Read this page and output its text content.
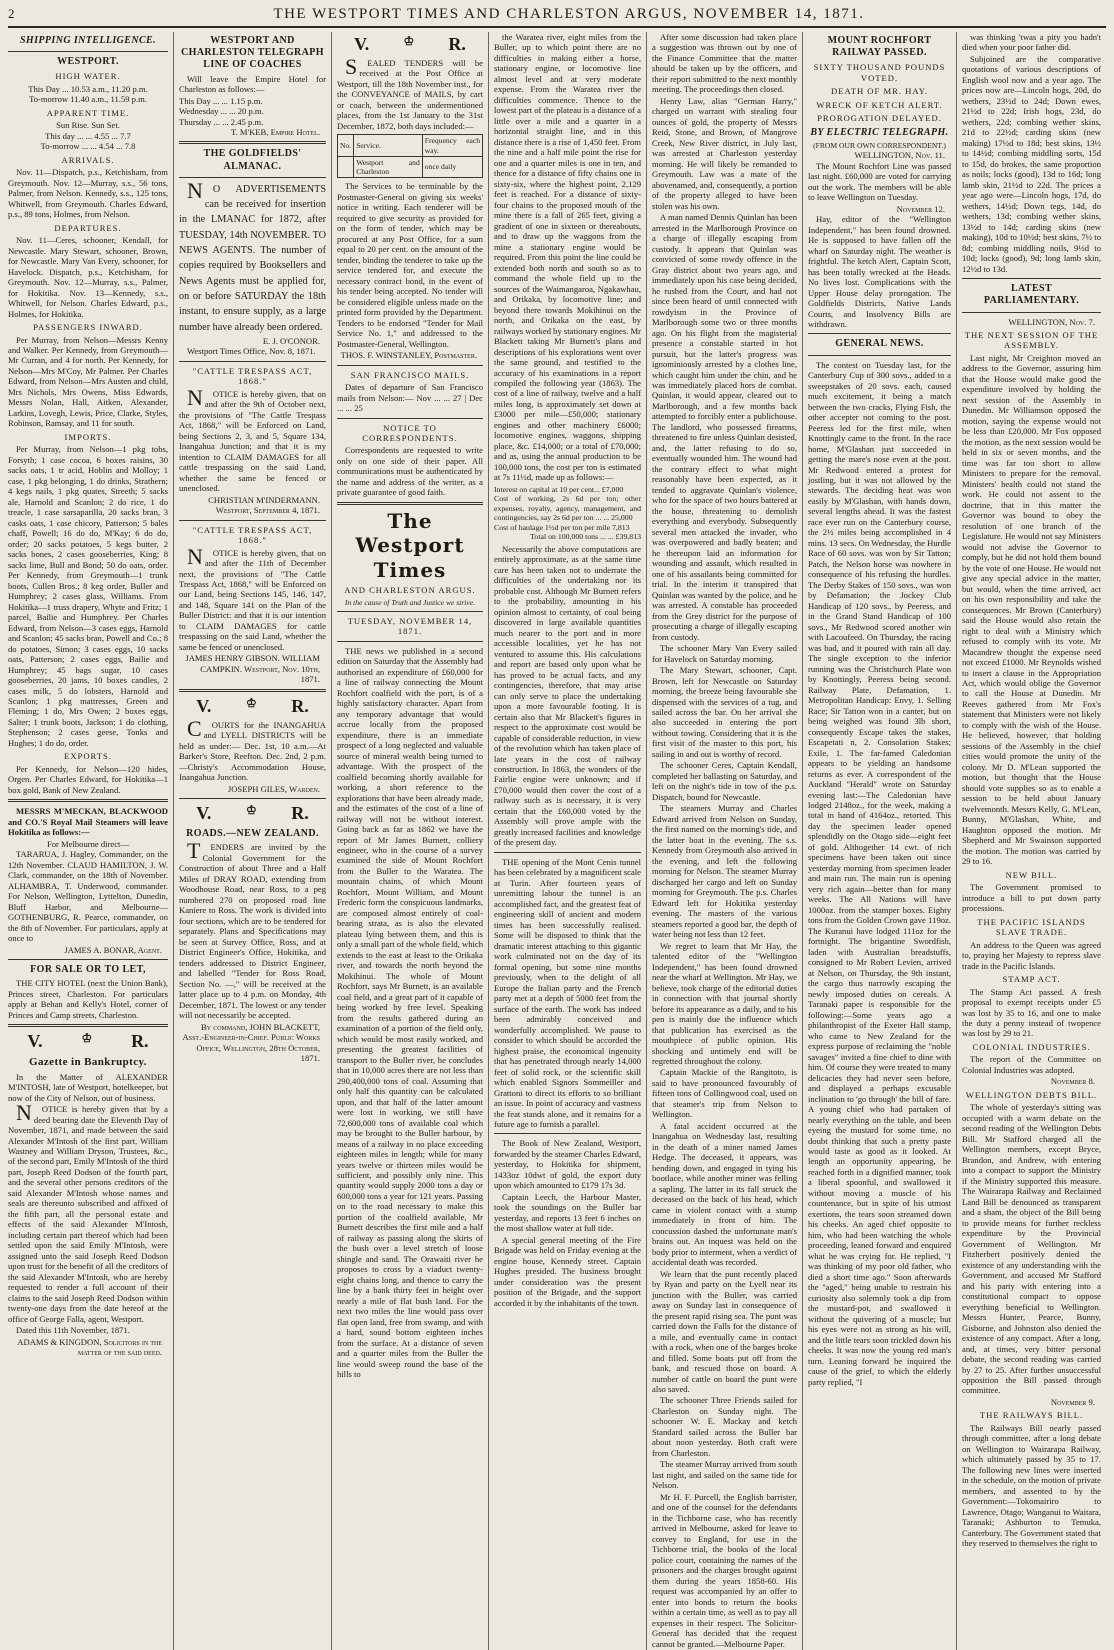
2	THE WESTPORT TIMES AND CHARLESTON ARGUS, NOVEMBER 14, 1871.
SHIPPING INTELLIGENCE.
WESTPORT.
HIGH WATER.
This Day ... 10.53 a.m., 11.20 p.m.
To-morrow 11.40 a.m., 11.59 p.m.
APPARENT TIME.
Sun Rise. Sun Set.
This day ... ... 4.55 ... 7.7
To-morrow ... ... 4.54 ... 7.8
ARRIVALS.
Nov. 11—Dispatch, p.s., Ketchisham, from Greymouth. Nov. 12—Murray, s.s., 56 tons, Palmer, from Nelson. Kennedy, s.s., 125 tons, Whitwell, from Greymouth. Charles Edward, p.s., 89 tons, Holmes, from Nelson.
DEPARTURES.
Nov. 11—Ceres, schooner, Kendall, for Newcastle. Mary Stewart, schooner, Brown, for Newcastle. Mary Van Every, schooner, for Havelock. Dispatch, p.s., Ketchisham, for Greymouth. Nov. 12—Murray, s.s., Palmer, for Hokitika. Nov. 13—Kennedy, s.s., Whitwell, for Nelson. Charles Edward, p.s., Holmes, for Hokitika.
PASSENGERS INWARD.
Per Murray, from Nelson—Messrs Kenny and Walker. Per Kennedy, from Greymouth—Mr Curran, and 4 for north. Per Kennedy, for Nelson—Mrs M'Coy, Mr Palmer. Per Charles Edward, from Nelson—Mrs Austen and child, Mrs Nichols, Mrs Owens, Miss Edwards, Messrs Nolan, Hall, Aitken, Alexander, Larkins, Lovegh, Lewis, Price, Clarke, Styles, Robinson, Ramsay, and 11 for south.
IMPORTS.
Per Murray, from Nelson—1 pkg tobs, Forsyth; 1 case cocoa, 6 boxes raisins, 30 sacks oats, 1 tr acid, Hoblin and Molloy; 1 case, 1 pkg belonging, 1 do drinks, Strathern; 4 kegs nails, 1 pkg quates, Streeth; 5 sacks ale, Harnold and Scanlon; 2 do rice, 1 do treacle, 1 case sarsaparilla, 20 sacks bran, 3 casks oats, 1 case chicory, Patterson; 5 bales chaff, Powell; 16 do do, M'Kay; 6 do do, order; 20 sacks potatoes, 5 kegs butter, 2 sacks bones, 2 cases gooseberries, King; 8 sacks lime, Bull and Bond; 50 do oats, order. Per Kennedy, from Greymouth—1 trunk boots, Cullen Bros.; 8 keg order, Buller and Humphrey; 2 cases glass, Williams. From Hokitika—1 truss drapery, Whyte and Fritz; 1 parcel, Bailie and Humphrey. Per Charles Edward, from Nelson—3 cases eggs, Harnold and Scanlon; 45 sacks bran, Powell and Co.; 8 do potatoes, Simon; 3 cases eggs, 10 sacks oats, Patterson; 2 cases eggs, Bailie and Humphrey; 45 bags sugar, 10 cases gooseberries, 20 jams, 10 boxes candles, 2 cases milk, 5 do lobsters, Harnold and Scanlon; 1 pkg mattresses, Green and Fleming; 1 do, Mrs Owen; 2 boxes eggs, Salter; 1 trunk boots, Jackson; 1 do clothing, Stephenson; 2 cases geese, Tonks and Hughes; 1 do do, order.
EXPORTS.
Per Kennedy, for Nelson—120 hides, Orgen. Per Charles Edward, for Hokitika—1 box gold, Bank of New Zealand.
MESSRS M'MECKAN, BLACKWOOD and CO.'S Royal Mail Steamers will leave Hokitika as follows:—
For Melbourne direct—
TARARUA, J. Hagley, Commander, on the 12th November. CLAUD HAMILTON, J. W. Clark, commander, on the 18th of November. ALHAMBRA, T. Underwood, commander. For Nelson, Wellington, Lyttelton, Dunedin, Bluff Harbor, and Melbourne— GOTHENBURG, R. Pearce, commander, on the 8th of November. For particulars, apply at once to
JAMES A. BONAR, Agent.
FOR SALE OR TO LET,
THE CITY HOTEL (next the Union Bank), Princes street, Charleston. For particulars apply at Behan and Kelly's Hotel, corner of Princes and Camp streets, Charleston.
V.	♔ R.
Gazette in Bankruptcy.
In the Matter of ALEXANDER M'INTOSH, late of Westport, hotelkeeper, but now of the City of Nelson, out of business.
NOTICE is hereby given that by a deed bearing date the Eleventh Day of November, 1871, and made between the said Alexander M'Intosh of the first part, William Wastney and William Dryson, Trustees, &c., of the second part, Emily M'Intosh of the third part, Joseph Reed Dodson of the fourth part, and the several other persons creditors of the said Alexander M'Intosh whose names and seals are thereunto subscribed and affixed of the fifth part, all the personal estate and effects of the said Alexander M'Intosh, including certain part thereof which had been settled upon the said Emily M'Intosh, were assigned unto the said Joseph Reed Dodson upon trust for the benefit of all the creditors of the said Alexander M'Intosh, who are hereby requested to render a full account of their claims to the said Joseph Reed Dodson within twenty-one days from the date hereof at the office of George Falla, agent, Westport.
Dated this 11th November, 1871.
ADAMS & KINGDON, Solicitors in the matter of the said deed.
WESTPORT AND CHARLESTON TELEGRAPH LINE OF COACHES
Will leave the Empire Hotel for Charleston as follows:—
This Day ... ... 1.15 p.m.
Wednesday ... ... 20 p.m.
Thursday ... ... 2.45 p.m.
T. M'KEB, Empire Hotel.
THE GOLDFIELDS' ALMANAC.
NO ADVERTISEMENTS can be received for insertion in the LMANAC for 1872, after TUESDAY, 14th NOVEMBER. TO NEWS AGENTS. The number of copies required by Booksellers and News Agents must be applied for, on or before SATURDAY the 18th instant, to ensure supply, as a large number have already been ordered.
E. J. O'CONOR.
Westport Times Office, Nov. 8, 1871.
"CATTLE TRESPASS ACT, 1868."
NOTICE is hereby given, that on and after the 9th of October next, the provisions of "The Cattle Trespass Act, 1868," will be Enforced on Land, being Sections 2, 3, and 5, Square 134, Inangahua Junction; and that it is my intention to CLAIM DAMAGES for all cattle trespassing on the said Land, whether the same be fenced or unenclosed.
CHRISTIAN M'INDERMANN. Westport, September 4, 1871.
"CATTLE TRESPASS ACT, 1868."
NOTICE is hereby given, that on and after the 11th of December next, the provisions of "The Cattle Trespass Act, 1868," will be Enforced on our Land, being Sections 145, 146, 147, and 148, Square 141 on the Plan of the Buller District: and that it is our intention to CLAIM DAMAGES for cattle trespassing on the said Land, whether the same be fenced or unenclosed.
JAMES HENRY GIBSON. WILLIAM CAMPKIN. Westport, Nov. 10th, 1871.
V.	♔ R.
COURTS for the INANGAHUA and LYELL DISTRICTS will be held as under:— Dec. 1st, 10 a.m.—At Barker's Store, Reefton. Dec. 2nd, 2 p.m.—Christy's Accommodation House, Inangahua Junction.
JOSEPH GILES, Warden.
V.	♔ R.
ROADS.—NEW ZEALAND.
TENDERS are invited by the Colonial Government for the Construction of about Three and a Half Miles of DRAY ROAD, extending from Woodhouse Road, near Ross, to a peg numbered 270 on proposed road line Kaniere to Ross. The work is divided into four sections, which are to be tendered for separately. Plans and Specifications may be seen at Survey Office, Ross, and at District Engineer's Office, Hokitika, and tenders addressed to District Engineer, and labelled "Tender for Ross Road, Section No. —," will be received at the latter place up to 4 p.m. on Monday, 4th December, 1871. The lowest or any tender will not necessarily be accepted.
By command, JOHN BLACKETT, Asst.-Engineer-in-Chief. Public Works Office, Wellington, 28th October, 1871.
V.	♔ R.
SEALED TENDERS will be received at the Post Office at Westport, till the 18th November inst., for the CONVEYANCE of MAILS, by cart or coach, between the undermentioned places, from the 1st January to the 31st December, 1872, both days included:—
No.	Service.	Frequency each way.
	Westport and Charleston	once daily
The Services to be terminable by the Postmaster-General on giving six weeks' notice in writing. Each tenderer will be required to give security as provided for on the form of tender, which may be procured at any Post Office, for a sum equal to 20 per cent. on the amount of the tender, binding the tenderer to take up the service tendered for, and execute the necessary contract bond, in the event of his tender being accepted. No tender will be considered eligible unless made on the printed form provided by the Department. Tenders to be endorsed "Tender for Mail Service No. 1," and addressed to the Postmaster-General, Wellington.
THOS. F. WINSTANLEY, Postmaster.
SAN FRANCISCO MAILS.
Dates of departure of San Francisco mails from Nelson:— Nov ... ... 27 | Dec ... ... 25
NOTICE TO CORRESPONDENTS.
Correspondents are requested to write only on one side of their paper. All communications must be authenticated by the name and address of the writer, as a private guarantee of good faith.
The Westport Times
AND CHARLESTON ARGUS.
In the cause of Truth and Justice we strive.
TUESDAY, NOVEMBER 14, 1871.
THE news we published in a second edition on Saturday that the Assembly had authorised an expenditure of £60,000 for a line of railway connecting the Mount Rochfort coalfield with the port, is of a highly satisfactory character. Apart from any temporary advantage that would accrue locally from the proposed expenditure, there is an immediate prospect of a long neglected and valuable source of mineral wealth being turned to advantage. With the prospect of the coalfield becoming shortly available for working, a short reference to the explorations that have been already made, and the estimates of the cost of a line of railway will not be without interest. Going back as far as 1862 we have the report of Mr James Burnett, colliery engineer, who in the course of a survey examined the side of Mount Rochfort from the Buller to the Waratea. The mountain chains, of which Mount Rochfort, Mount William, and Mount Frederic form the conspicuous landmarks, are composed almost entirely of coal-bearing strata, as is also the elevated plateau lying between them, and this is only a small part of the whole field, which extends to the east at least to the Orikaka river, and towards the north beyond the Mokihinui. The whole of Mount Rochfort, says Mr Burnett, is an available coal field, and a great part of it capable of being worked by free level. Speaking from the results gathered during an examination of a portion of the field only, which would be most easily worked, and presenting the greatest facilities of transport to the Buller river, he concludes that in 10,000 acres there are not less than 290,400,000 tons of coal. Assuming that only half this quantity can be calculated upon, and that half of the latter amount were lost in working, we still have 72,600,000 tons of available coal which may be brought to the Buller harbour, by means of a railway in no place exceeding eighteen miles in length; while for many years twelve or thirteen miles would be sufficient, and possibly only nine. This quantity would supply 2000 tons a day or 600,000 tons a year for 121 years. Passing on to the road necessary to make this portion of the coalfield available, Mr Burnett describes the first mile and a half of railway as passing along the skirts of the bush over a level stretch of loose shingle and sand. The Orawaiti river he proposes to cross by a viaduct twenty-eight chains long, and thence to carry the line by a bank thirty feet in height over nearly a mile of flat bush land. For the next two miles the line would pass over flat open land, free from swamp, and with a hard, sound bottom eighteen inches from the surface. At a distance of seven and a quarter miles from the Buller the line would sweep round the base of the hills to
the Waratea river, eight miles from the Buller, up to which point there are no difficulties in making either a horse, stationary engine, or locomotive line almost level and at very moderate expense. From the Waratea river the difficulties commence. Thence to the lowest part of the plateau is a distance of a little over a mile and a quarter in a horizontal straight line, and in this distance there is a rise of 1,450 feet. From the nine and a half mile point the rise for one and a quarter miles is one in ten, and thence for a distance of fifty chains one in sixty-six, where the highest point, 2,129 feet is reached. For a distance of sixty-four chains to the proposed mouth of the mine there is a fall of 265 feet, giving a gradient of one in sixteen or thereabouts, and to draw up the waggons from the mine a stationary engine would be required. From this point the line could be extended both north and south so as to command the whole field up to the sources of the Waimangaroa, Ngakawhau, and Orikaka, by locomotive line; and beyond there towards Mokihinui on the north, and Orikaka on the east, by railways worked by stationary engines. Mr Blackett taking Mr Burnett's plans and descriptions of his explorations went over the same ground, and testified to the accuracy of his examinations in a report compiled the following year (1863). The cost of a line of railway, twelve and a half miles long, is approximately set down at £3000 per mile—£50,000; stationary engines and other machinery £6000; locomotive engines, waggons, shipping place, &c. £14,000; or a total of £70,000; and as, using the annual production to be 100,000 tons, the cost per ton is estimated at 7s 11½d, made up as follows:—
Interest on capital at 10 per cent... £7,000
Cost of working, 2s 6d per ton; other expenses, royalty, agency, management, and contingencies, say 2s 6d per ton ... ... 25,000
Cost of haulage 1½d per ton per mile 7,813
Total on 100,000 tons ... ... £39,813
Necessarily the above computations are entirely approximate, as at the same time care has been taken not to underrate the difficulties of the undertaking nor its probable cost. Although Mr Burnett refers to the probability, amounting in his opinion almost to certainty, of coal being discovered in large available quantities much nearer to the port and in more accessible localities, yet he has not ventured to assume this. His calculations and report are based only upon what he has proved to be actual facts, and any contingencies, therefore, that may arise can only serve to place the undertaking upon a more favourable footing. It is certain also that Mr Blackett's figures in respect to the approximate cost would be capable of considerable reduction, in view of the revolution which has taken place of late years in the cost of railway construction. In 1863, the wonders of the Fairlie engine were unknown; and if £70,000 would then cover the cost of a railway such as is necessary, it is very certain that the £60,000 voted by the Assembly will prove ample with the greatly increased facilities and knowledge of the present day.
THE opening of the Mont Cenis tunnel has been celebrated by a magnificent scale at Turin. After fourteen years of unremitting labour the tunnel is an accomplished fact, and the greatest feat of engineering skill of ancient and modern times has been successfully realised. Some will be disposed to think that the dramatic interest attaching to this gigantic work culminated not on the day of its formal opening, but some nine months previously, when to the delight of all Europe the Italian party and the French party met at a depth of 5000 feet from the surface of the earth. The work has indeed been admirably conceived and wonderfully accomplished. We pause to consider to which should be accorded the highest praise, the economical ingenuity that has penetrated through nearly 14,000 feet of solid rock, or the scientific skill which enabled Signors Sommeiller and Grattoni to direct its efforts to so brilliant an issue. In point of accuracy and vastness the feat stands alone, and it remains for a future age to furnish a parallel.
The Book of New Zealand, Westport, forwarded by the steamer Charles Edward, yesterday, to Hokitika for shipment, 1433oz 10dwt of gold, the export duty upon which amounted to £179 17s 3d.
Captain Leech, the Harbour Master, took the soundings on the Buller bar yesterday, and reports 13 feet 6 inches on the most shallow water at full tide.
A special general meeting of the Fire Brigade was held on Friday evening at the engine house, Kennedy street. Captain Hughes presided. The business brought under consideration was the present position of the Brigade, and the support accorded it by the inhabitants of the town.
After some discussion had taken place a suggestion was thrown out by one of the Finance Committee that the matter should be taken up by the officers, and their report submitted to the next monthly meeting. The proceedings then closed.
Henry Law, alias "German Harry," charged on warrant with stealing four ounces of gold, the property of Messrs Reid, Stone, and Brown, of Mangrove Creek, New River district, in July last, was arrested at Charleston yesterday morning. He will likely be remanded to Greymouth. Law was a mate of the abovenamed, and, consequently, a portion of the property alleged to have been stolen was his own.
A man named Dennis Quinlan has been arrested in the Marlborough Province on a charge of illegally escaping from custody. It appears that Quinlan was convicted of some rowdy offence in the Gray district about two years ago, and immediately upon his case being decided, he rushed from the Court, and had not since been heard of until connected with rowdyism in the Province of Marlborough some two or three months ago. On his flight from the magisterial presence a constable started in hot pursuit, but the latter's progress was ignominiously arrested by a clothes line, which caught him under the chin, and he was immediately placed hors de combat. Quinlan, it would appear, cleared out to Marlborough, and a few months back attempted to forcibly enter a publichouse. The landlord, who possessed firearms, threatened to fire unless Quinlan desisted, and, the latter refusing to do so, eventually wounded him. The wound had the contrary effect to what might reasonably have been expected, as it tended to aggravate Quinlan's violence, who for the space of two hours battered at the house, threatening to demolish everything and everybody. Subsequently several men attacked the invader, who was overpowered and badly beaten; and he thereupon laid an information for wounding and assault, which resulted in one of his assailants being committed for trial. In the interim it transpired that Quinlan was wanted by the police, and he was arrested. A constable has proceeded from the Grey district for the purpose of prosecuting a charge of illegally escaping from custody.
The schooner Mary Van Every sailed for Havelock on Saturday morning.
The Mary Stewart, schooner, Capt. Brown, left for Newcastle on Saturday morning, the breeze being favourable she dispensed with the services of a tug, and sailed across the bar. On her arrival she also succeeded in entering the port without towing. Considering that it is the first visit of the master to this port, his sailing in and out is worthy of record.
The schooner Ceres, Captain Kendall, completed her ballasting on Saturday, and left on the night's tide in tow of the p.s. Dispatch, bound for Newcastle.
The steamers Murray and Charles Edward arrived from Nelson on Sunday, the first named on the morning's tide, and the latter boat in the evening. The s.s. Kennedy from Greymouth also arrived in the evening, and left the following morning for Nelson. The steamer Murray discharged her cargo and left on Sunday morning for Greymouth. The p.s. Charles Edward left for Hokitika yesterday evening. The masters of the various steamers reported a good bar, the depth of water being not less than 12 feet.
We regret to learn that Mr Hay, the talented editor of the "Wellington Independent," has been found drowned near the wharf at Wellington. Mr Hay, we believe, took charge of the editorial duties in connection with that journal shortly before its appearance as a daily, and to his pen is mainly due the influence which that publication has exercised as the mouthpiece of public opinion. His shocking and untimely end will be regretted throughout the colony.
Captain Mackie of the Rangitoto, is said to have pronounced favourably of fifteen tons of Collingwood coal, used on that steamer's trip from Nelson to Wellington.
A fatal accident occurred at the Inangahua on Wednesday last, resulting in the death of a miner named James Hedge. The deceased, it appears, was bending down, and engaged in tying his bootlace, while another miner was felling a sapling. The latter in its fall struck the deceased on the back of his head, which came in violent contact with a stump immediately in front of him. The concussion dashed the unfortunate man's brains out. An inquest was held on the body prior to interment, when a verdict of accidental death was recorded.
We learn that the punt recently placed by Ryan and party on the Lyell near its junction with the Buller, was carried away on Sunday last in consequence of the present rapid rising sea. The punt was carried down the Falls for the distance of a mile, and eventually came in contact with a rock, when one of the barges broke and filled. Some boats put off from the bank, and rescued those on board. A number of cattle on board the punt were also saved.
The schooner Three Friends sailed for Charleston on Sunday night. The schooner W. E. Mackay and ketch Standard sailed across the Buller bar about noon yesterday. Both craft were from Charleston.
The steamer Murray arrived from south last night, and sailed on the same tide for Nelson.
Mr H. F. Purcell, the English barrister, and one of the counsel for the defendants in the Tichborne case, who has recently arrived in Melbourne, asked for leave to convey to England, for use in the Tichborne trial, the books of the local police court, containing the names of the prisoners and the charges brought against them during the years 1858-60. His request was accompanied by an offer to enter into bonds to return the books within a certain time, as well as to pay all expenses in their respect. The Solicitor-General has decided that the request cannot be granted.—Melbourne Paper.
MOUNT ROCHFORT RAILWAY PASSED.
SIXTY THOUSAND POUNDS VOTED.
DEATH OF MR. HAY.
WRECK OF KETCH ALERT.
PROROGATION DELAYED.
BY ELECTRIC TELEGRAPH.
(FROM OUR OWN CORRESPONDENT.)
WELLINGTON, Nov. 11.
The Mount Rochfort Line was passed last night. £60,000 are voted for carrying out the work. The members will be able to leave Wellington on Tuesday.
November 12.
Hay, editor of the "Wellington Independent," has been found drowned. He is supposed to have fallen off the wharf on Saturday night. The weather is frightful. The ketch Alert, Captain Scott, has been totally wrecked at the Heads. No lives lost. Complications with the Upper House delay prorogation. The Goldfields Districts, Native Lands Courts, and Insolvency Bills are withdrawn.
GENERAL NEWS.
The contest on Tuesday last, for the Canterbury Cup of 300 sovs., added to a sweepstakes of 20 sovs. each, caused much excitement, it being a match between the two cracks, Flying Fish, the other accepter not coming to the post. Peeress led for the first mile, when Knottingly came to the front. In the race home, M'Glashan just succeeded in getting the mare's nose even at the post. Mr Redwood entered a protest for jostling, but it was not allowed by the stewards. The deciding heat was won easily by M'Glashan, with hands down, several lengths ahead. It was the fastest race ever run on the Canterbury course, the 2½ miles being accomplished in 4 mins. 13 secs. On Wednesday, the Hurdle Race of 60 sovs. was won by Sir Tatton; Patch, the Nelson horse was nowhere in consequence of his refusing the hurdles. The Derby Stakes of 150 sovs., was won by Defamation; the Jockey Club Handicap of 120 sovs., by Peeress, and in the Grand Stand Handicap of 100 sovs., Mr Redwood scored another win with Lacoufeed. On Thursday, the racing was bad, and it poured with rain all day. The single exception to the inferior running was the Christchurch Plate won by Knottingly, Peeress being second. Railway Plate, Defamation, 1. Metropolitan Handicap: Envy, 1. Selling Race; Sir Tatton won in a canter, but on being weighed was found 3lb short, consequently Escape takes the stakes, Escapetati n, 2. Consolation Stakes; Exile, 1. The far-famed Caledonian appears to be yielding an handsome returns as ever. A correspondent of the Auckland "Herald" wrote on Saturday evening last:—The Caledonian have lodged 2148oz., for the week, making a total in hand of 4164oz., retorted. This day the specimen leader opened splendidly on the Otago side—eight feet of gold. Althogether 14 cwt. of rich specimens have been taken out since yesterday morning from specimen leader and main run. The main run is opening very rich again—better than for many weeks. The All Nations will have 1000oz. from the stamper boxes. Eighty tons from the Golden Crown gave 119oz. The Kuranui have lodged 111oz for the fortnight. The brigantine Swordfish, laden with Australian breadstuffs, consigned to Mr Robert Levien, arrived at Nelson, on Thursday, the 9th instant, the cargo thus narrowly escaping the newly imposed duties on cereals. A Taranaki paper is responsible for the following:—Some years ago a philanthropist of the Exeter Hall stamp, who came to New Zealand for the express purpose of reclaiming the "noble savages" invited a fine chief to dine with him. Of course they were treated to many delicacies they had never seen before, and displayed a perhaps excusable inclination to 'go through' the bill of fare. A young chief who had partaken of nearly everything on the table, and been eyeing the mustard for some time, no doubt thinking that such a pretty paste would taste as good as it looked. At length an opportunity appearing, he reached forth in a dignified manner, took a liberal spoonful, and swallowed it without moving a muscle of his countenance, but in spite of his utmost exertions, the tears soon streamed down his cheeks. An aged chief opposite to him, who had been watching the whole proceeding, leaned forward and enquired what he was crying for. He replied, "I was thinking of my poor old father, who died a short time ago." Soon afterwards the "aged," being unable to restrain his curiosity also solemnly took a dip from the mustard-pot, and swallowed it without the quivering of a muscle; but his eyes were not as strong as his will, and the little tears soon trickled down his cheeks. It was now the young red man's turn. Leaning forward he inquired the cause of the grief, to which the elderly party replied, "I
was thinking 'twas a pity you hadn't died when your poor father did.
Subjoined are the comparative quotations of various descriptions of English wool now and a year ago. The prices now are—Lincoln hogs, 20d, do wethers, 23½d to 24d; Down ewes, 21½d to 22d; Irish hogs, 23d, do wethers, 22d; combing wether skins, 21d to 22½d; carding skins (new making) 17½d to 18d; best skins, 13½ to 14½d; combing middling sorts, 15d to 15d, do brokes, the same proportion as noils; locks (good), 13d to 16d; long lamb skin, 21½d to 22d. The prices a year ago were—Lincoln hogs, 17d, do wethers, 14½d; Down tegs, 14d, do wethers, 13d; combing wether skins, 13½d to 14d; carding skins (new making), 10d to 10½d; best skins, 7½ to 8d; combing middling noils, 9½d to 10d; locks (good), 9d; long lamb skin, 12½d to 13d.
LATEST PARLIAMENTARY.
WELLINGTON, Nov. 7.
THE NEXT SESSION OF THE ASSEMBLY.
Last night, Mr Creighton moved an address to the Governor, assuring him that the House would make good the expenditure involved by holding the next session of the Assembly in Dunedin. Mr Williamson opposed the motion, saying the expense would not be less than £20,000. Mr Fox opposed the motion, as the next session would be held in six or seven months, and the time was far too short to allow Ministers to prepare for the removal. Ministers' health could not stand the work. He could not assent to the doctrine, that in this matter the Governor was bound to obey the resolution of one branch of the Legislature. He would not say Ministers would not advise the Governor to comply, but he did not hold them bound by the vote of one House. He would not give any special advice in the matter, but would, when the time arrived, act on his own responsibility and take the consequences. Mr Brown (Canterbury) said the House would also retain the right to deal with a Ministry which refused to comply with its vote. Mr Macandrew thought the expense need not exceed £1000. Mr Reynolds wished to insert a clause in the Appropriation Act, which would oblige the Governor to call the House at Dunedin. Mr Reeves gathered from Mr Fox's statement that Ministers were not likely to comply with the wish of the House. He believed, however, that holding sessions of the Assembly in the chief cities would promote the unity of the colony. Mr D. M'Lean supported the motion, but thought that the House should vote supplies so as to enable a session to be held about January twelvemonth. Messrs Kelly, G. M'Lean, Bunny, M'Glashan, White, and Haughton opposed the motion. Mr Shepherd and Mr Swainson supported the motion. The motion was carried by 29 to 16.
NEW BILL.
The Government promised to introduce a bill to put down party processions.
THE PACIFIC ISLANDS SLAVE TRADE.
An address to the Queen was agreed to, praying her Majesty to repress slave trade in the Pacific Islands.
STAMP ACT.
The Stamp Act passed. A fresh proposal to exempt receipts under £5 was lost by 35 to 16, and one to make the duty a penny instead of twopence was lost by 29 to 21.
COLONIAL INDUSTRIES.
The report of the Committee on Colonial Industries was adopted.
November 8.
WELLINGTON DEBTS BILL.
The whole of yesterday's sitting was occupied with a warm debate on the second reading of the Wellington Debts Bill. Mr Stafford charged all the Wellington members, except Bryce, Brandon, and Andrew, with entering into a compact to support the Ministry if the Ministry supported this measure. The Wairarapa Railway and Reclaimed Land Bill be denounced as transparent and a sham, the object of the Bill being to provide means for further reckless expenditure by the Provincial Government of Wellington. Mr Fitzherbert positively denied the existence of any understanding with the Government, and accused Mr Stafford and his party with entering into a constitutional compact to oppose everything beneficial to Wellington. Messrs Hunter, Pearce, Bunny, Gisborne, and Johnston also denied the existence of any compact. After a long, and, at times, very bitter personal debate, the second reading was carried by 27 to 25. After further unsuccessful opposition the Bill passed through committee.
November 9.
THE RAILWAYS BILL.
The Railways Bill nearly passed through committee, after a long debate on Wellington to Wairarapa Railway, which ultimately passed by 35 to 17. The following new lines were inserted in the schedule, on the motion of private members, and assented to by the Government:—Tokomairiro to Lawrence, Otago; Wanganui to Waitara, Taranaki; Ashburton to Temuka, Canterbury. The Government stated that they reserved to themselves the right to
